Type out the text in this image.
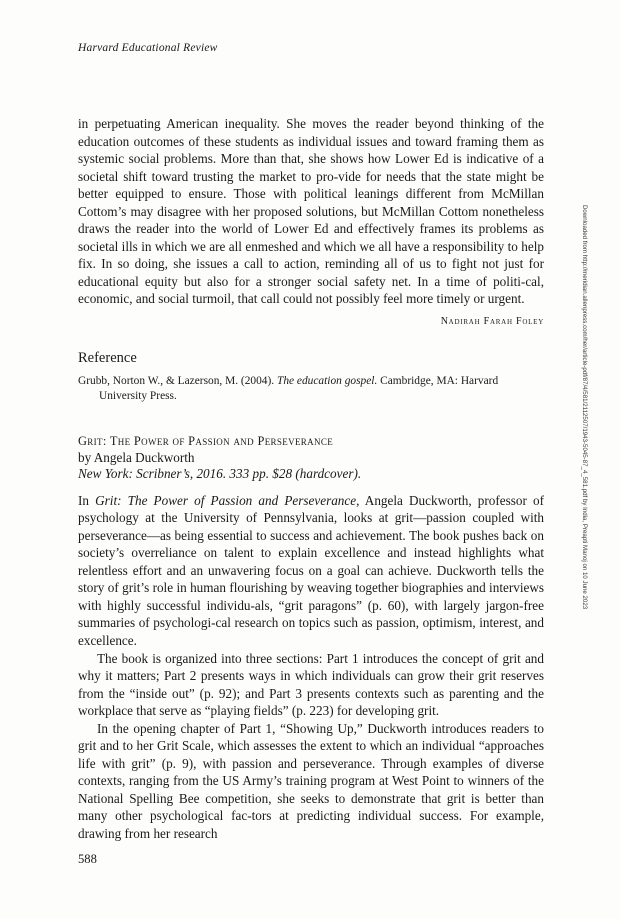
Harvard Educational Review

in perpetuating American inequality. She moves the reader beyond thinking of the education outcomes of these students as individual issues and toward framing them as systemic social problems. More than that, she shows how Lower Ed is indicative of a societal shift toward trusting the market to pro-vide for needs that the state might be better equipped to ensure. Those with political leanings different from McMillan Cottom’s may disagree with her proposed solutions, but McMillan Cottom nonetheless draws the reader into the world of Lower Ed and effectively frames its problems as societal ills in which we are all enmeshed and which we all have a responsibility to help fix. In so doing, she issues a call to action, reminding all of us to fight not just for educational equity but also for a stronger social safety net. In a time of politi-cal, economic, and social turmoil, that call could not possibly feel more timely or urgent.

Nadirah Farah Foley

Reference

Grubb, Norton W., & Lazerson, M. (2004). The education gospel. Cambridge, MA: Harvard University Press.

Grit: The Power of Passion and Perseverance

by Angela Duckworth

New York: Scribner’s, 2016. 333 pp. $28 (hardcover).

In Grit: The Power of Passion and Perseverance, Angela Duckworth, professor of psychology at the University of Pennsylvania, looks at grit—passion coupled with perseverance—as being essential to success and achievement. The book pushes back on society’s overreliance on talent to explain excellence and instead highlights what relentless effort and an unwavering focus on a goal can achieve. Duckworth tells the story of grit’s role in human flourishing by weaving together biographies and interviews with highly successful individu-als, “grit paragons” (p. 60), with largely jargon-free summaries of psychologi-cal research on topics such as passion, optimism, interest, and excellence.

The book is organized into three sections: Part 1 introduces the concept of grit and why it matters; Part 2 presents ways in which individuals can grow their grit reserves from the “inside out” (p. 92); and Part 3 presents contexts such as parenting and the workplace that serve as “playing fields” (p. 223) for developing grit.

In the opening chapter of Part 1, “Showing Up,” Duckworth introduces readers to grit and to her Grit Scale, which assesses the extent to which an individual “approaches life with grit” (p. 9), with passion and perseverance. Through examples of diverse contexts, ranging from the US Army’s training program at West Point to winners of the National Spelling Bee competition, she seeks to demonstrate that grit is better than many other psychological fac-tors at predicting individual success. For example, drawing from her research

588
Downloaded from http://meridian.allenpress.com/her/article-pdf/87/4/581/2112507/1943-5045-87_4_581.pdf by India, Preapti Manoj on 10 June 2023
